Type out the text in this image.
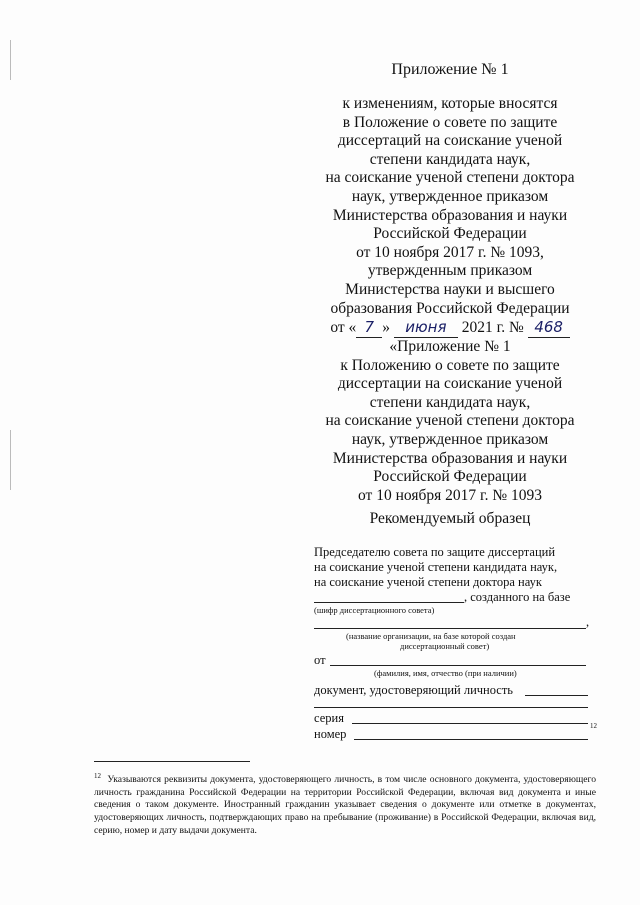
Приложение № 1
к изменениям, которые вносятся
в Положение о совете по защите
диссертаций на соискание ученой
степени кандидата наук,
на соискание ученой степени доктора
наук, утвержденное приказом
Министерства образования и науки
Российской Федерации
от 10 ноября 2017 г. № 1093,
утвержденным приказом
Министерства науки и высшего
образования Российской Федерации
от « 7 » июня 2021 г. № 468
«Приложение № 1
к Положению о совете по защите
диссертации на соискание ученой
степени кандидата наук,
на соискание ученой степени доктора
наук, утвержденное приказом
Министерства образования и науки
Российской Федерации
от 10 ноября 2017 г. № 1093
Рекомендуемый образец
Председателю совета по защите диссертаций
на соискание ученой степени кандидата наук,
на соискание ученой степени доктора наук
, созданного на базе
(шифр диссертационного совета)
,
(название организации, на базе которой создан
диссертационный совет)
от
(фамилия, имя, отчество (при наличии)
документ, удостоверяющий личность
серия
номер
12
$^{12}$ Указываются реквизиты документа, удостоверяющего личность, в том числе основного документа, удостоверяющего личность гражданина Российской Федерации на территории Российской Федерации, включая вид документа и иные сведения о таком документе. Иностранный гражданин указывает сведения о документе или отметке в документах, удостоверяющих личность, подтверждающих право на пребывание (проживание) в Российской Федерации, включая вид, серию, номер и дату выдачи документа.
